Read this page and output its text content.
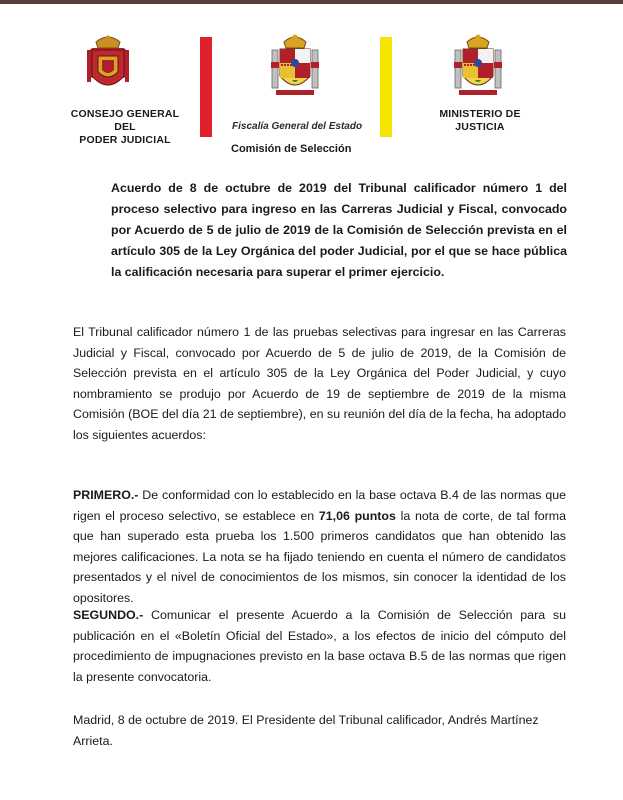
CONSEJO GENERAL DEL
PODER JUDICIAL
Fiscalía General del Estado
MINISTERIO DE
JUSTICIA
Comisión de Selección
Acuerdo de 8 de octubre de 2019 del Tribunal calificador número 1 del proceso selectivo para ingreso en las Carreras Judicial y Fiscal, convocado por Acuerdo de 5 de julio de 2019 de la Comisión de Selección prevista en el artículo 305 de la Ley Orgánica del poder Judicial, por el que se hace pública la calificación necesaria para superar el primer ejercicio.
El Tribunal calificador número 1 de las pruebas selectivas para ingresar en las Carreras Judicial y Fiscal, convocado por Acuerdo de 5 de julio de 2019, de la Comisión de Selección prevista en el artículo 305 de la Ley Orgánica del Poder Judicial, y cuyo nombramiento se produjo por Acuerdo de 19 de septiembre de 2019 de la misma Comisión (BOE del día 21 de septiembre), en su reunión del día de la fecha, ha adoptado los siguientes acuerdos:
PRIMERO.- De conformidad con lo establecido en la base octava B.4 de las normas que rigen el proceso selectivo, se establece en 71,06 puntos la nota de corte, de tal forma que han superado esta prueba los 1.500 primeros candidatos que han obtenido las mejores calificaciones. La nota se ha fijado teniendo en cuenta el número de candidatos presentados y el nivel de conocimientos de los mismos, sin conocer la identidad de los opositores.
SEGUNDO.- Comunicar el presente Acuerdo a la Comisión de Selección para su publicación en el «Boletín Oficial del Estado», a los efectos de inicio del cómputo del procedimiento de impugnaciones previsto en la base octava B.5 de las normas que rigen la presente convocatoria.
Madrid, 8 de octubre de 2019. El Presidente del Tribunal calificador, Andrés Martínez Arrieta.
